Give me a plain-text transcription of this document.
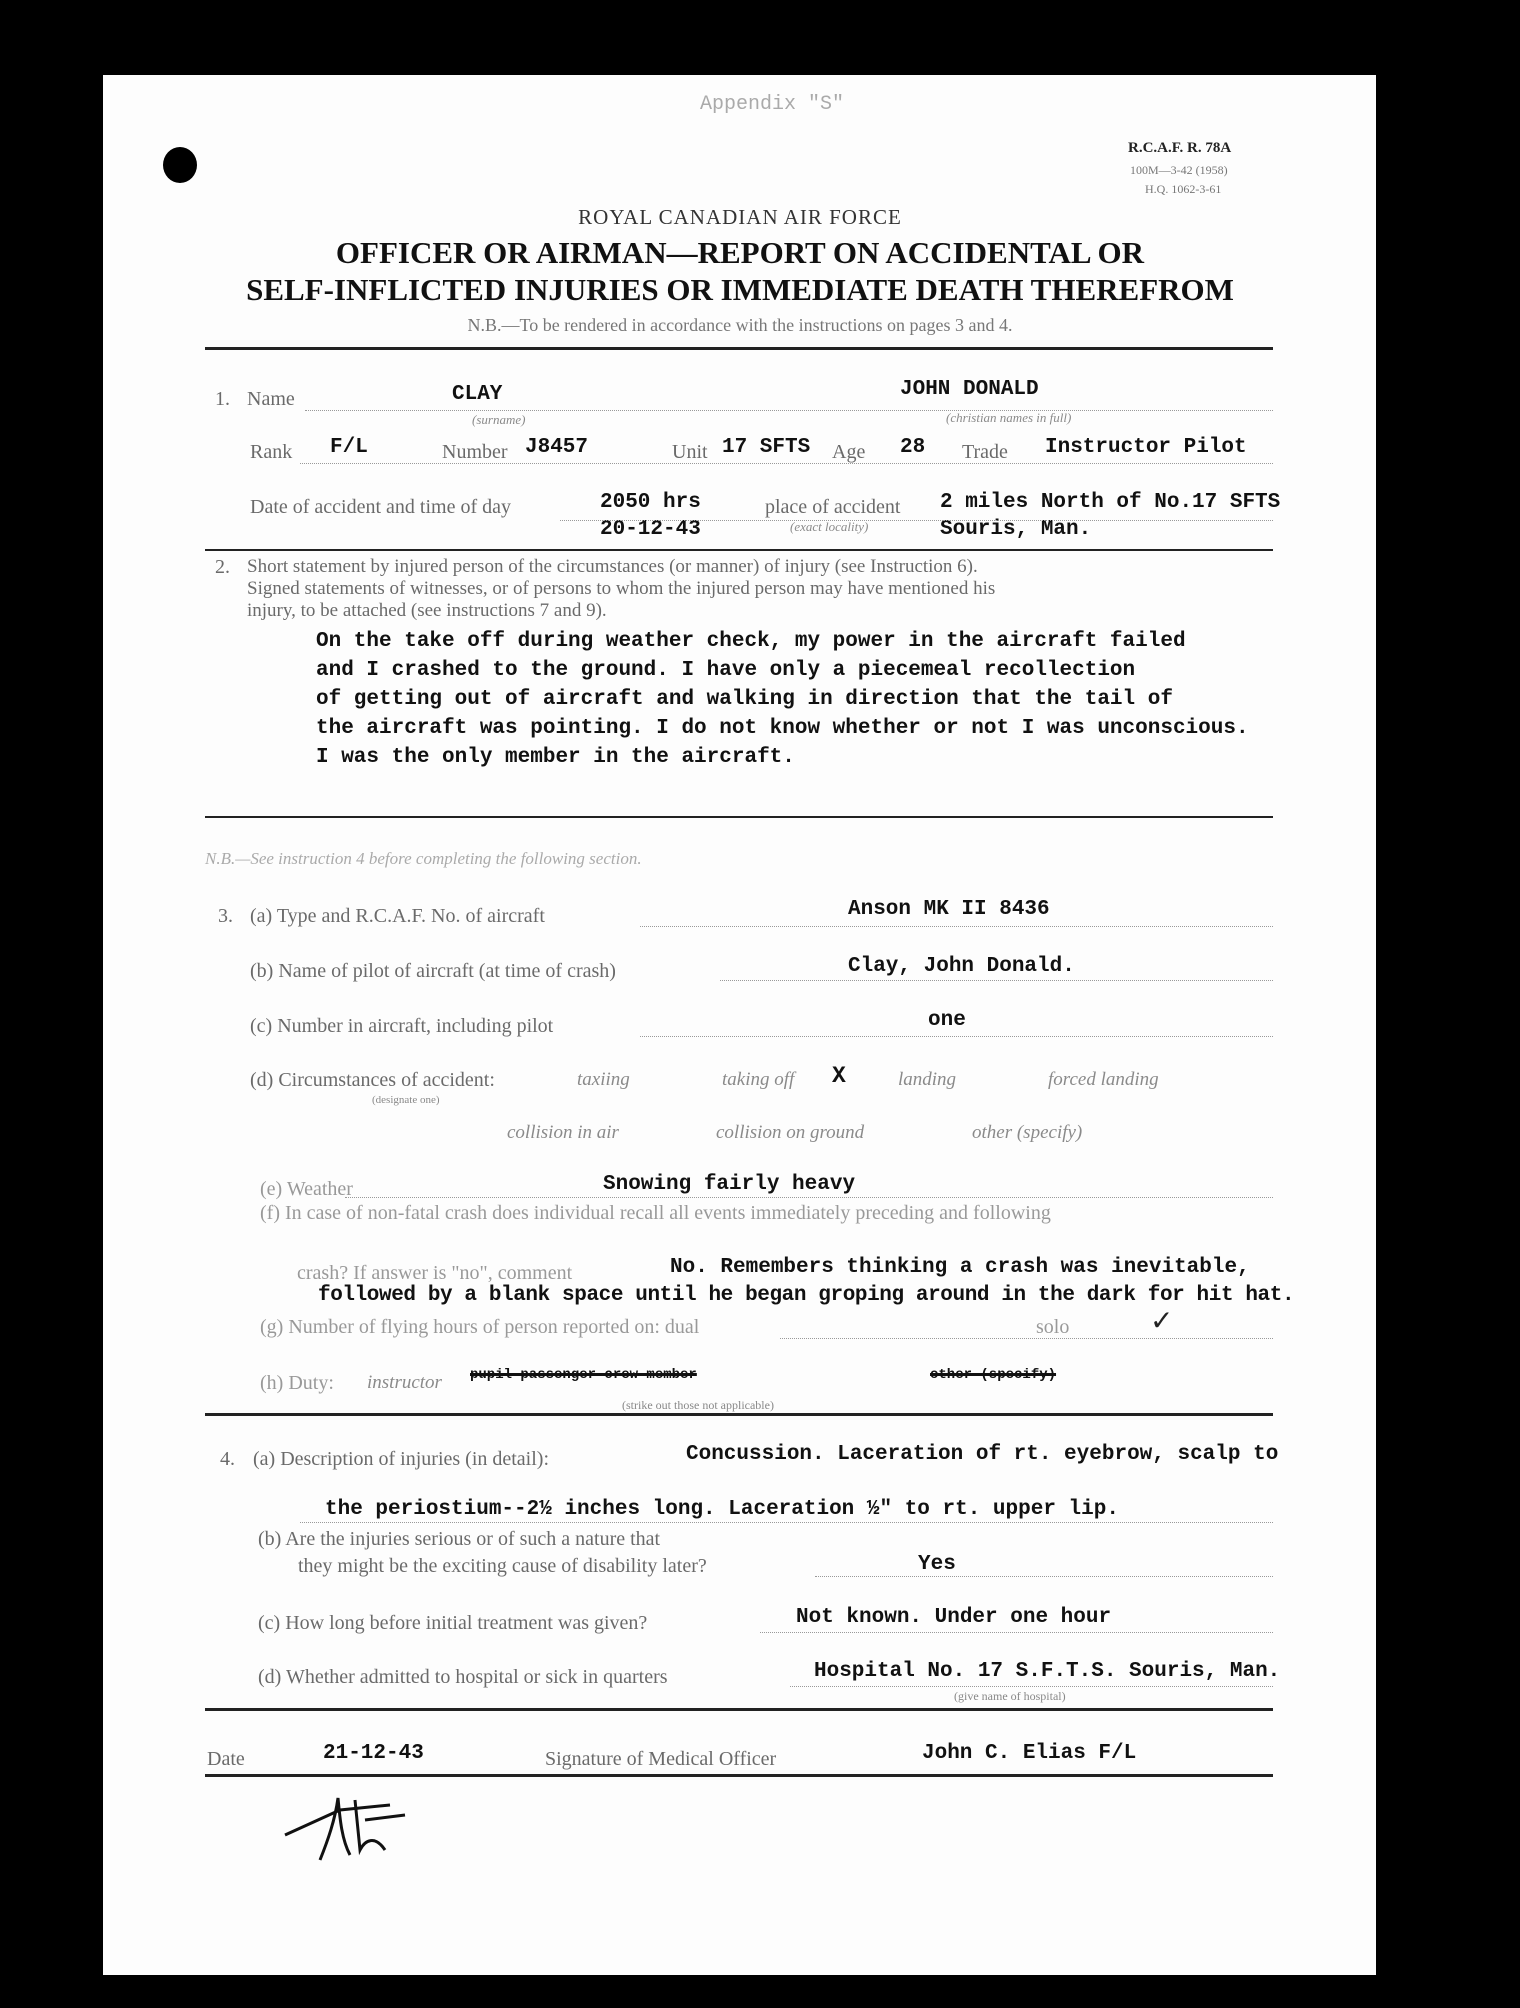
Appendix "S"
R.C.A.F. R. 78A
100M—3-42 (1958)
H.Q. 1062-3-61
ROYAL CANADIAN AIR FORCE
OFFICER OR AIRMAN—REPORT ON ACCIDENTAL OR
SELF-INFLICTED INJURIES OR IMMEDIATE DEATH THEREFROM
N.B.—To be rendered in accordance with the instructions on pages 3 and 4.
1. Name	CLAY
(surname)
JOHN DONALD
(christian names in full)
Rank F/L	Number J8457	Unit 17 SFTS Age 28 Trade Instructor Pilot
Date of accident and time of day	2050 hrs
20-12-43
place of accident
(exact locality)
2 miles North of No.17 SFTS
Souris, Man.
2. Short statement by injured person of the circumstances (or manner) of injury (see Instruction 6).
Signed statements of witnesses, or of persons to whom the injured person may have mentioned his
injury, to be attached (see instructions 7 and 9).
On the take off during weather check, my power in the aircraft failed
and I crashed to the ground. I have only a piecemeal recollection
of getting out of aircraft and walking in direction that the tail of
the aircraft was pointing. I do not know whether or not I was unconscious.
I was the only member in the aircraft.
N.B.—See instruction 4 before completing the following section.
3. (a) Type and R.C.A.F. No. of aircraft	Anson MK II 8436
(b) Name of pilot of aircraft (at time of crash)	Clay, John Donald.
(c) Number in aircraft, including pilot	one
(d) Circumstances of accident:
(designate one)
taxiing	taking off X	landing	forced landing
collision in air	collision on ground	other (specify)
(e) Weather	Snowing fairly heavy
(f) In case of non-fatal crash does individual recall all events immediately preceding and following
crash? If answer is "no", comment	No. Remembers thinking a crash was inevitable,
followed by a blank space until he began groping around in the dark for hit hat.
(g) Number of flying hours of person reported on: dual	solo	✓
(h) Duty: instructor pupil passenger crew member	other (specify)
(strike out those not applicable)
4. (a) Description of injuries (in detail):	Concussion. Laceration of rt. eyebrow, scalp to
the periostium--2½ inches long. Laceration ½" to rt. upper lip.
(b) Are the injuries serious or of such a nature that
they might be the exciting cause of disability later?	Yes
(c) How long before initial treatment was given?	Not known. Under one hour
(d) Whether admitted to hospital or sick in quarters	Hospital No. 17 S.F.T.S. Souris, Man.
(give name of hospital)
Date	21-12-43	Signature of Medical Officer	John C. Elias F/L
